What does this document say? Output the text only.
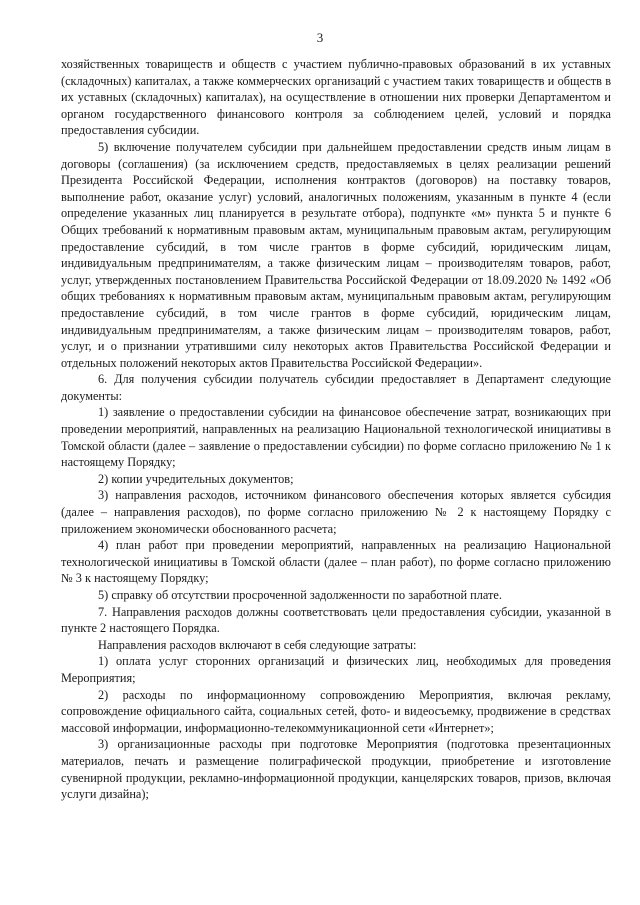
3

хозяйственных товариществ и обществ с участием публично-правовых образований в их уставных (складочных) капиталах, а также коммерческих организаций с участием таких товариществ и обществ в их уставных (складочных) капиталах), на осуществление в отношении них проверки Департаментом и органом государственного финансового контроля за соблюдением целей, условий и порядка предоставления субсидии.

5) включение получателем субсидии при дальнейшем предоставлении средств иным лицам в договоры (соглашения) (за исключением средств, предоставляемых в целях реализации решений Президента Российской Федерации, исполнения контрактов (договоров) на поставку товаров, выполнение работ, оказание услуг) условий, аналогичных положениям, указанным в пункте 4 (если определение указанных лиц планируется в результате отбора), подпункте «м» пункта 5 и пункте 6 Общих требований к нормативным правовым актам, муниципальным правовым актам, регулирующим предоставление субсидий, в том числе грантов в форме субсидий, юридическим лицам, индивидуальным предпринимателям, а также физическим лицам – производителям товаров, работ, услуг, утвержденных постановлением Правительства Российской Федерации от 18.09.2020 № 1492 «Об общих требованиях к нормативным правовым актам, муниципальным правовым актам, регулирующим предоставление субсидий, в том числе грантов в форме субсидий, юридическим лицам, индивидуальным предпринимателям, а также физическим лицам – производителям товаров, работ, услуг, и о признании утратившими силу некоторых актов Правительства Российской Федерации и отдельных положений некоторых актов Правительства Российской Федерации».

6. Для получения субсидии получатель субсидии предоставляет в Департамент следующие документы:

1) заявление о предоставлении субсидии на финансовое обеспечение затрат, возникающих при проведении мероприятий, направленных на реализацию Национальной технологической инициативы в Томской области (далее – заявление о предоставлении субсидии) по форме согласно приложению № 1 к настоящему Порядку;

2) копии учредительных документов;

3) направления расходов, источником финансового обеспечения которых является субсидия (далее – направления расходов), по форме согласно приложению № 2 к настоящему Порядку с приложением экономически обоснованного расчета;

4) план работ при проведении мероприятий, направленных на реализацию Национальной технологической инициативы в Томской области (далее – план работ), по форме согласно приложению № 3 к настоящему Порядку;

5) справку об отсутствии просроченной задолженности по заработной плате.

7. Направления расходов должны соответствовать цели предоставления субсидии, указанной в пункте 2 настоящего Порядка.

Направления расходов включают в себя следующие затраты:

1) оплата услуг сторонних организаций и физических лиц, необходимых для проведения Мероприятия;

2) расходы по информационному сопровождению Мероприятия, включая рекламу, сопровождение официального сайта, социальных сетей, фото- и видеосъемку, продвижение в средствах массовой информации, информационно-телекоммуникационной сети «Интернет»;

3) организационные расходы при подготовке Мероприятия (подготовка презентационных материалов, печать и размещение полиграфической продукции, приобретение и изготовление сувенирной продукции, рекламно-информационной продукции, канцелярских товаров, призов, включая услуги дизайна);
